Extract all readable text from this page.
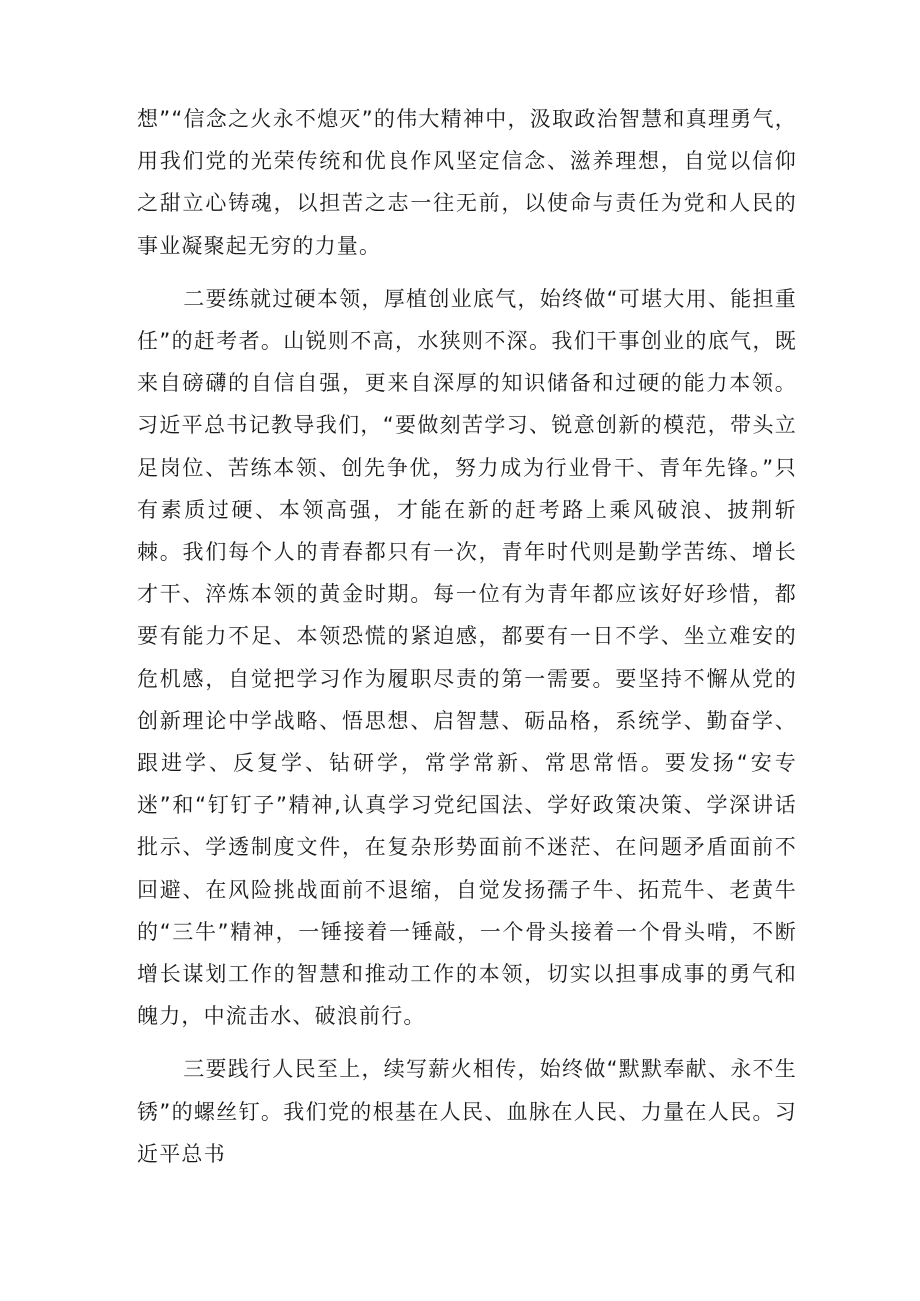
想”“信念之火永不熄灭”的伟大精神中，汲取政治智慧和真理勇气，用我们党的光荣传统和优良作风坚定信念、滋养理想，自觉以信仰之甜立心铸魂，以担苦之志一往无前，以使命与责任为党和人民的事业凝聚起无穷的力量。

二要练就过硬本领，厚植创业底气，始终做“可堪大用、能担重任”的赶考者。山锐则不高，水狭则不深。我们干事创业的底气，既来自磅礴的自信自强，更来自深厚的知识储备和过硬的能力本领。习近平总书记教导我们，“要做刻苦学习、锐意创新的模范，带头立足岗位、苦练本领、创先争优，努力成为行业骨干、青年先锋。”只有素质过硬、本领高强，才能在新的赶考路上乘风破浪、披荆斩棘。我们每个人的青春都只有一次，青年时代则是勤学苦练、增长才干、淬炼本领的黄金时期。每一位有为青年都应该好好珍惜，都要有能力不足、本领恐慌的紧迫感，都要有一日不学、坐立难安的危机感，自觉把学习作为履职尽责的第一需要。要坚持不懈从党的创新理论中学战略、悟思想、启智慧、砺品格，系统学、勤奋学、跟进学、反复学、钻研学，常学常新、常思常悟。要发扬“安专迷”和“钉钉子”精神,认真学习党纪国法、学好政策决策、学深讲话批示、学透制度文件，在复杂形势面前不迷茫、在问题矛盾面前不回避、在风险挑战面前不退缩，自觉发扬孺子牛、拓荒牛、老黄牛的“三牛”精神，一锤接着一锤敲，一个骨头接着一个骨头啃，不断增长谋划工作的智慧和推动工作的本领，切实以担事成事的勇气和魄力，中流击水、破浪前行。

三要践行人民至上，续写薪火相传，始终做“默默奉献、永不生锈”的螺丝钉。我们党的根基在人民、血脉在人民、力量在人民。习近平总书
